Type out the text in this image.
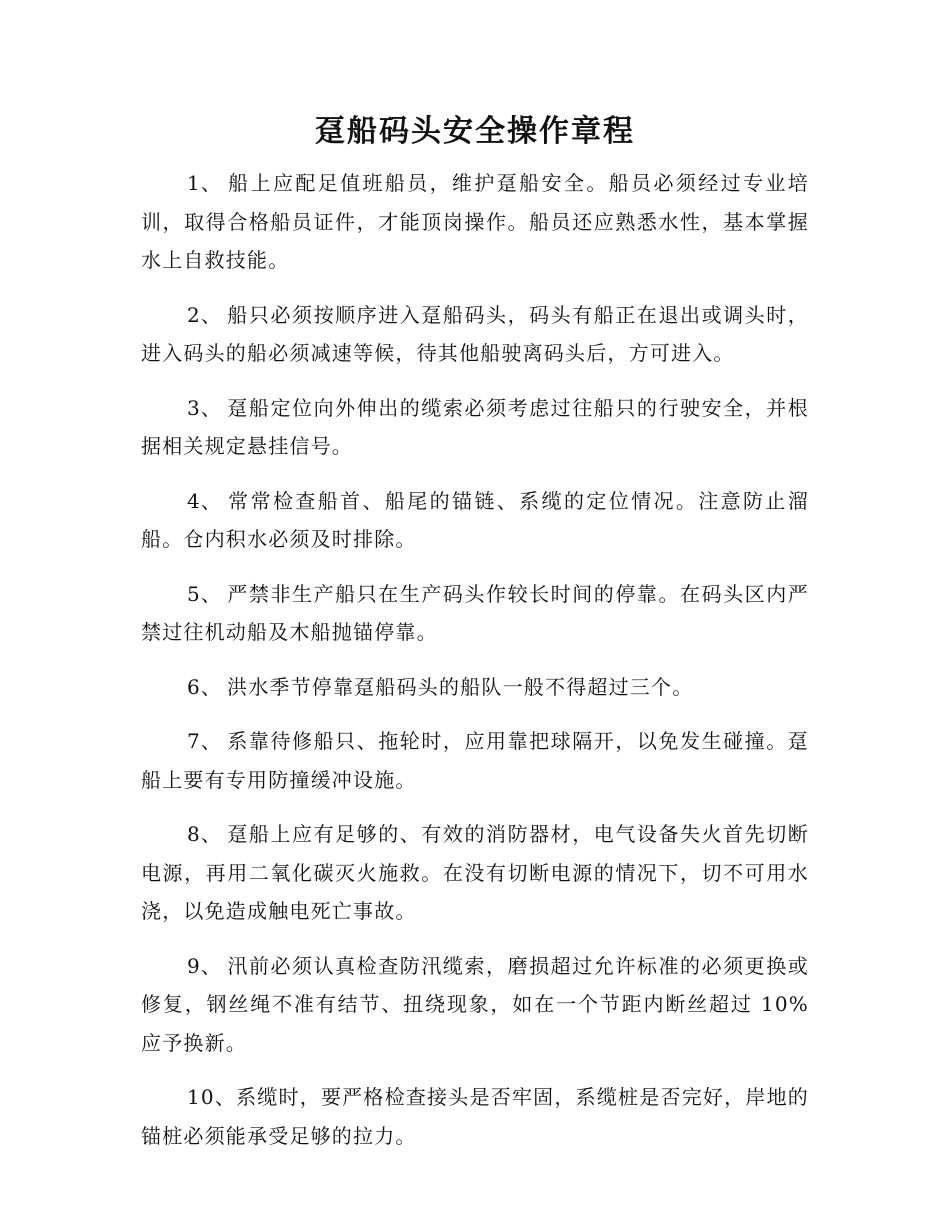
趸船码头安全操作章程

1、 船上应配足值班船员，维护趸船安全。船员必须经过专业培训，取得合格船员证件，才能顶岗操作。船员还应熟悉水性，基本掌握水上自救技能。

2、 船只必须按顺序进入趸船码头，码头有船正在退出或调头时，进入码头的船必须减速等候，待其他船驶离码头后，方可进入。

3、 趸船定位向外伸出的缆索必须考虑过往船只的行驶安全，并根据相关规定悬挂信号。

4、 常常检查船首、船尾的锚链、系缆的定位情况。注意防止溜船。仓内积水必须及时排除。

5、 严禁非生产船只在生产码头作较长时间的停靠。在码头区内严禁过往机动船及木船抛锚停靠。

6、 洪水季节停靠趸船码头的船队一般不得超过三个。

7、 系靠待修船只、拖轮时，应用靠把球隔开，以免发生碰撞。趸船上要有专用防撞缓冲设施。

8、 趸船上应有足够的、有效的消防器材，电气设备失火首先切断电源，再用二氧化碳灭火施救。在没有切断电源的情况下，切不可用水浇，以免造成触电死亡事故。

9、 汛前必须认真检查防汛缆索，磨损超过允许标准的必须更换或修复，钢丝绳不准有结节、扭绕现象，如在一个节距内断丝超过 10%应予换新。

10、系缆时，要严格检查接头是否牢固，系缆桩是否完好，岸地的锚桩必须能承受足够的拉力。
